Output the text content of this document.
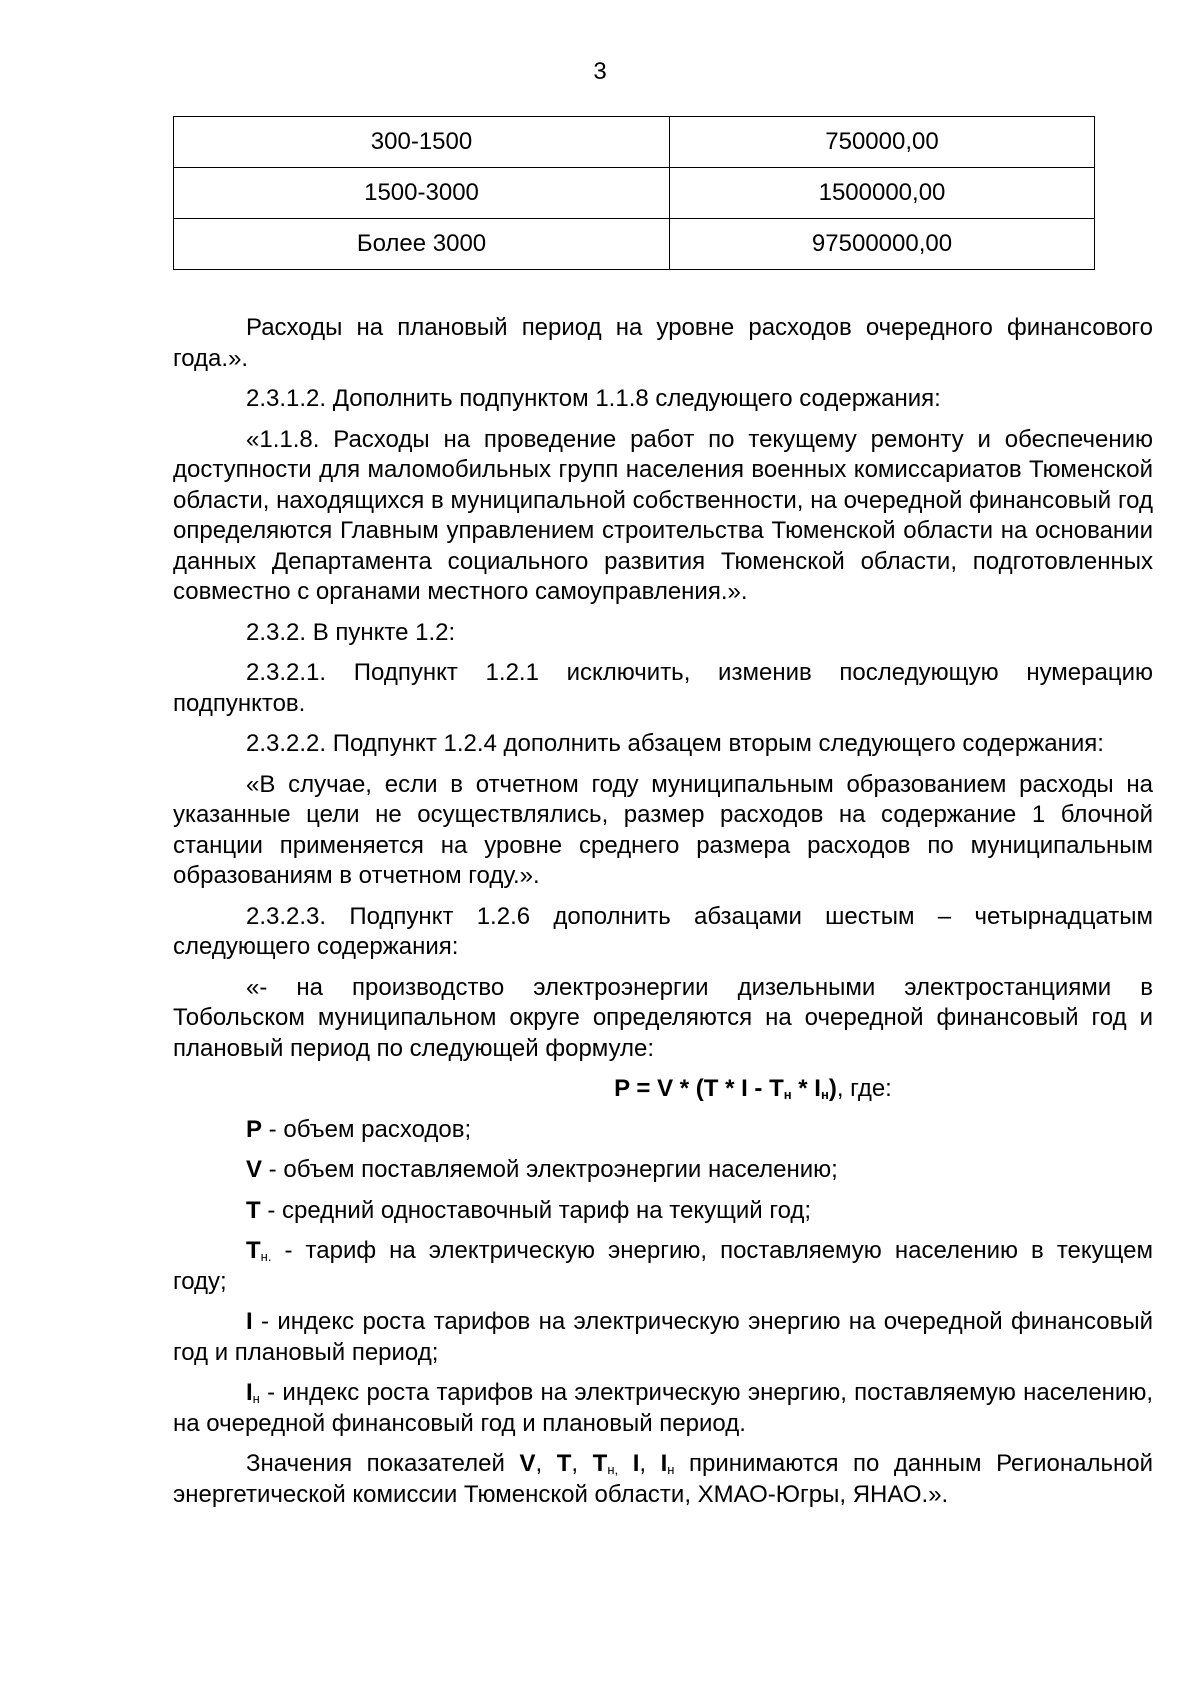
3
300-1500	750000,00
1500-3000	1500000,00
Более 3000	97500000,00

Расходы на плановый период на уровне расходов очередного финансового года.».

2.3.1.2. Дополнить подпунктом 1.1.8 следующего содержания:

«1.1.8. Расходы на проведение работ по текущему ремонту и обеспечению доступности для маломобильных групп населения военных комиссариатов Тюменской области, находящихся в муниципальной собственности, на очередной финансовый год определяются Главным управлением строительства Тюменской области на основании данных Департамента социального развития Тюменской области, подготовленных совместно с органами местного самоуправления.».

2.3.2. В пункте 1.2:

2.3.2.1. Подпункт 1.2.1 исключить, изменив последующую нумерацию подпунктов.

2.3.2.2. Подпункт 1.2.4 дополнить абзацем вторым следующего содержания:

«В случае, если в отчетном году муниципальным образованием расходы на указанные цели не осуществлялись, размер расходов на содержание 1 блочной станции применяется на уровне среднего размера расходов по муниципальным образованиям в отчетном году.».

2.3.2.3. Подпункт 1.2.6 дополнить абзацами шестым – четырнадцатым следующего содержания:

«- на производство электроэнергии дизельными электростанциями в Тобольском муниципальном округе определяются на очередной финансовый год и плановый период по следующей формуле:

$P = V * (T * I - T_н * I_н)$, где:

P - объем расходов;

V - объем поставляемой электроэнергии населению;

T - средний одноставочный тариф на текущий год;

$T_{н.}$ - тариф на электрическую энергию, поставляемую населению в текущем году;

I - индекс роста тарифов на электрическую энергию на очередной финансовый год и плановый период;

$I_н$ - индекс роста тарифов на электрическую энергию, поставляемую населению, на очередной финансовый год и плановый период.

Значения показателей V, T, $T_{н,}$ I, $I_н$ принимаются по данным Региональной энергетической комиссии Тюменской области, ХМАО-Югры, ЯНАО.».
